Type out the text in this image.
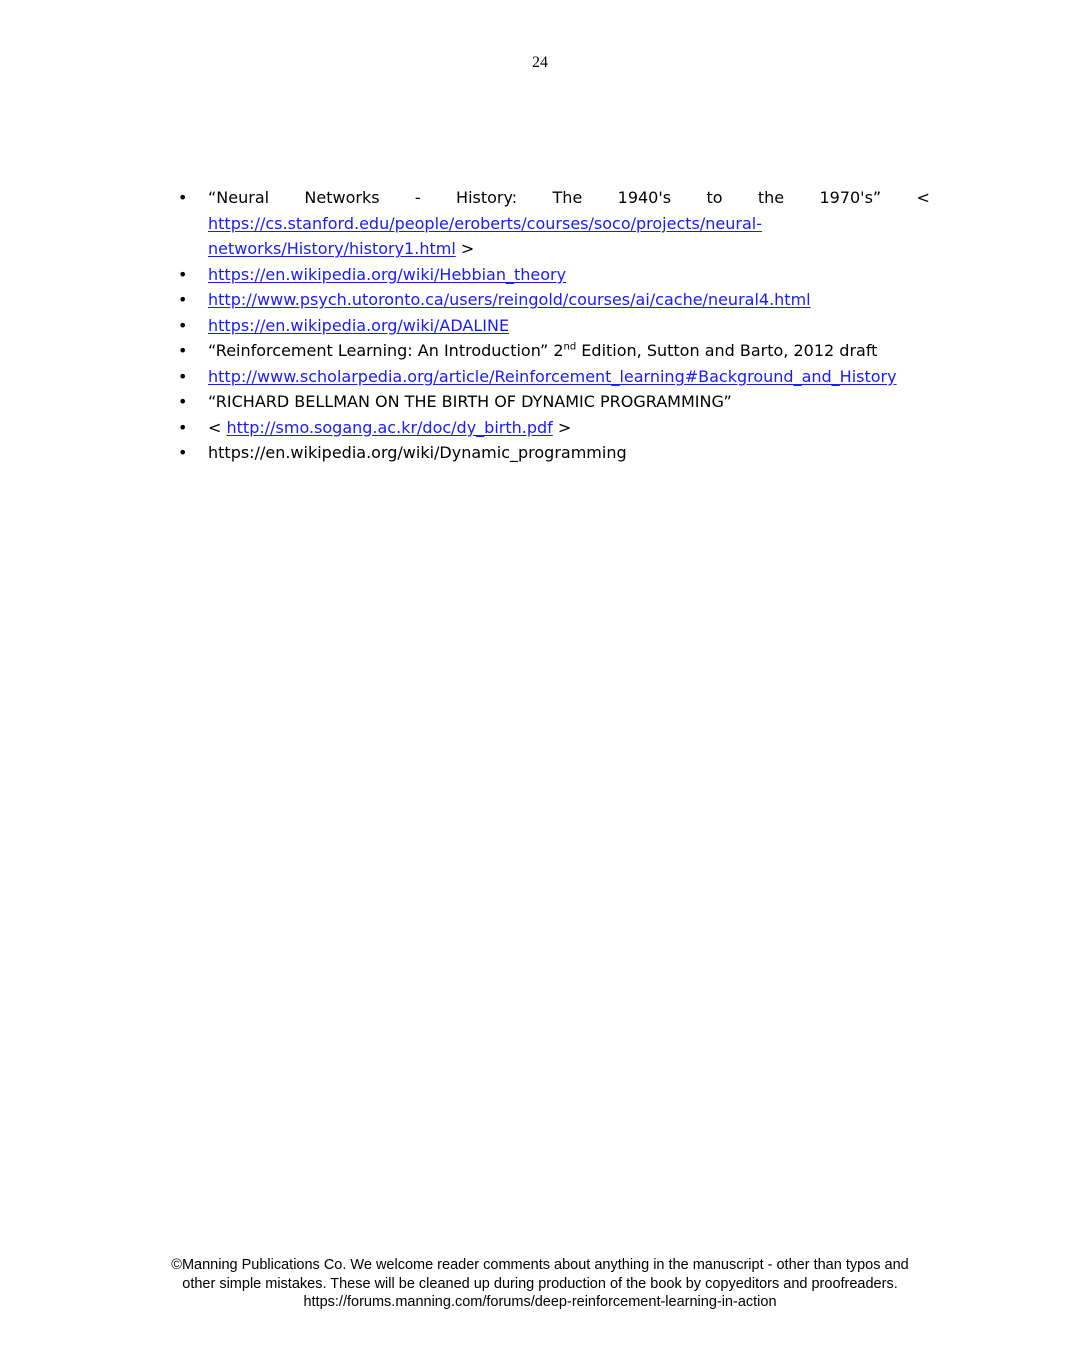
24
• “Neural Networks - History: The 1940's to the 1970's” <
https://cs.stanford.edu/people/eroberts/courses/soco/projects/neural-
networks/History/history1.html >
• https://en.wikipedia.org/wiki/Hebbian_theory
• http://www.psych.utoronto.ca/users/reingold/courses/ai/cache/neural4.html
• https://en.wikipedia.org/wiki/ADALINE
• “Reinforcement Learning: An Introduction” 2nd Edition, Sutton and Barto, 2012 draft
• http://www.scholarpedia.org/article/Reinforcement_learning#Background_and_History
• “RICHARD BELLMAN ON THE BIRTH OF DYNAMIC PROGRAMMING”
• < http://smo.sogang.ac.kr/doc/dy_birth.pdf >
• https://en.wikipedia.org/wiki/Dynamic_programming
©Manning Publications Co. We welcome reader comments about anything in the manuscript - other than typos and
other simple mistakes. These will be cleaned up during production of the book by copyeditors and proofreaders.
https://forums.manning.com/forums/deep-reinforcement-learning-in-action
